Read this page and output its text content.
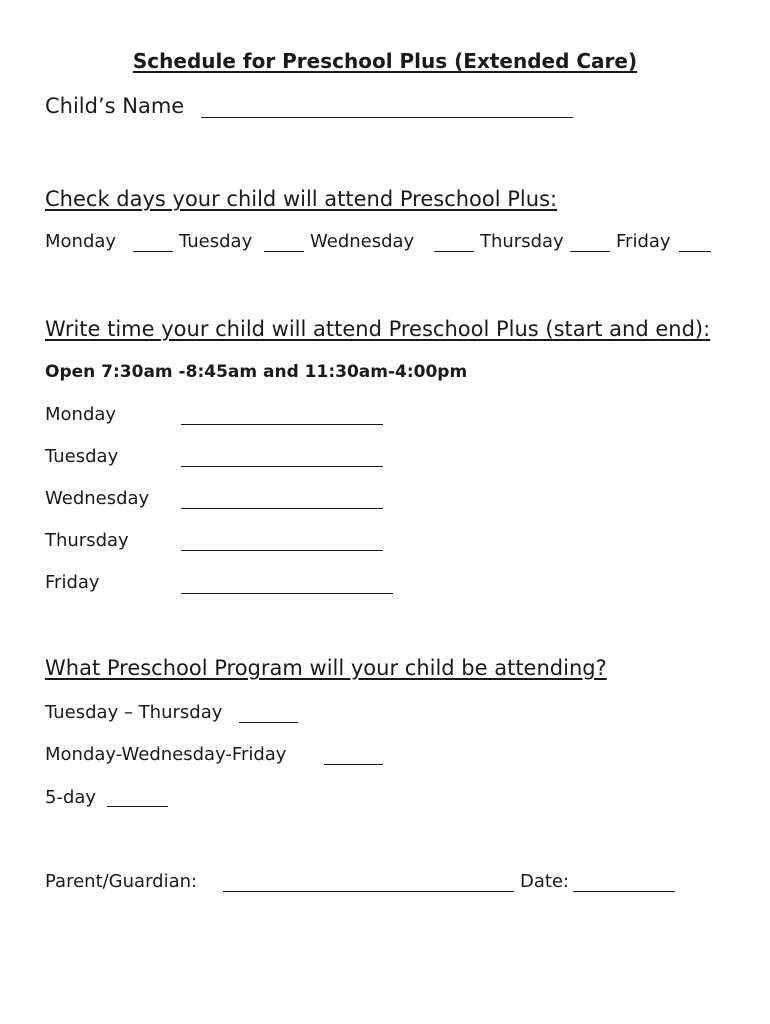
Schedule for Preschool Plus (Extended Care)
Child’s Name
Check days your child will attend Preschool Plus:
Monday	Tuesday	Wednesday	Thursday	Friday
Write time your child will attend Preschool Plus (start and end):
Open 7:30am -8:45am and 11:30am-4:00pm
Monday
Tuesday
Wednesday
Thursday
Friday
What Preschool Program will your child be attending?
Tuesday – Thursday
Monday-Wednesday-Friday
5-day
Parent/Guardian:	Date:
